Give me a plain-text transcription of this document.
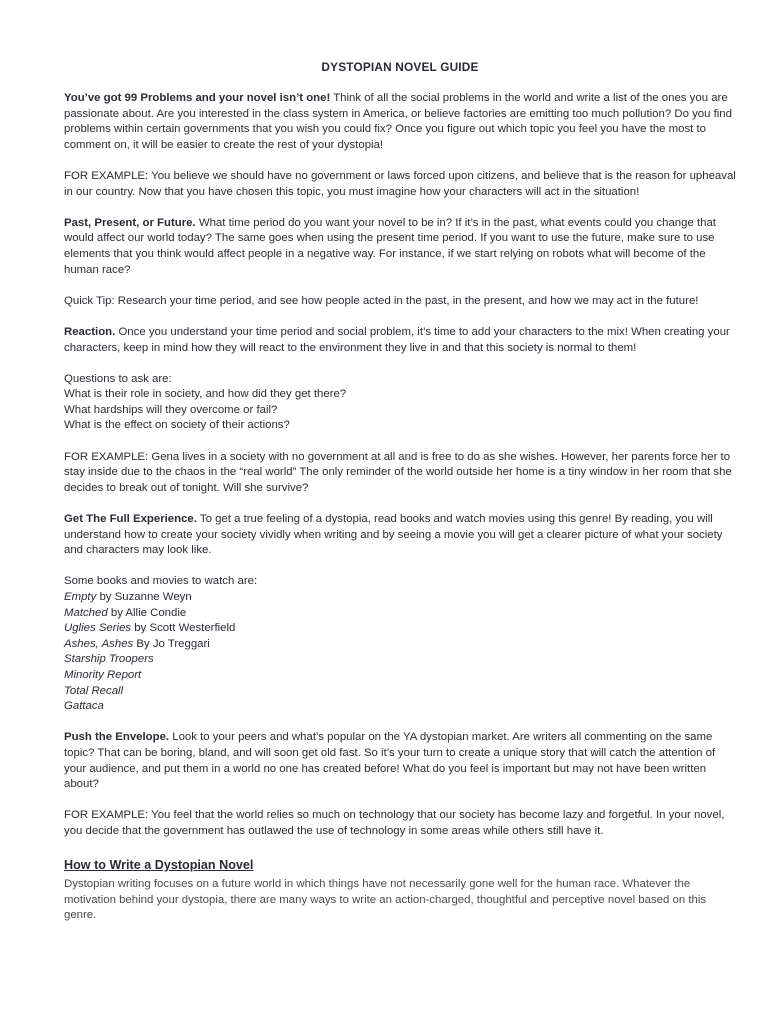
DYSTOPIAN NOVEL GUIDE

You’ve got 99 Problems and your novel isn’t one! Think of all the social problems in the world and write a list of the ones you are passionate about. Are you interested in the class system in America, or believe factories are emitting too much pollution? Do you find problems within certain governments that you wish you could fix? Once you figure out which topic you feel you have the most to comment on, it will be easier to create the rest of your dystopia!

FOR EXAMPLE: You believe we should have no government or laws forced upon citizens, and believe that is the reason for upheaval in our country. Now that you have chosen this topic, you must imagine how your characters will act in the situation!

Past, Present, or Future. What time period do you want your novel to be in? If it’s in the past, what events could you change that would affect our world today? The same goes when using the present time period. If you want to use the future, make sure to use elements that you think would affect people in a negative way. For instance, if we start relying on robots what will become of the human race?

Quick Tip: Research your time period, and see how people acted in the past, in the present, and how we may act in the future!

Reaction. Once you understand your time period and social problem, it’s time to add your characters to the mix! When creating your characters, keep in mind how they will react to the environment they live in and that this society is normal to them!

Questions to ask are:
What is their role in society, and how did they get there?
What hardships will they overcome or fail?
What is the effect on society of their actions?

FOR EXAMPLE: Gena lives in a society with no government at all and is free to do as she wishes. However, her parents force her to stay inside due to the chaos in the “real world” The only reminder of the world outside her home is a tiny window in her room that she decides to break out of tonight. Will she survive?

Get The Full Experience. To get a true feeling of a dystopia, read books and watch movies using this genre! By reading, you will understand how to create your society vividly when writing and by seeing a movie you will get a clearer picture of what your society and characters may look like.

Some books and movies to watch are:
Empty by Suzanne Weyn
Matched by Allie Condie
Uglies Series by Scott Westerfield
Ashes, Ashes By Jo Treggari
Starship Troopers
Minority Report
Total Recall
Gattaca

Push the Envelope. Look to your peers and what’s popular on the YA dystopian market. Are writers all commenting on the same topic? That can be boring, bland, and will soon get old fast. So it’s your turn to create a unique story that will catch the attention of your audience, and put them in a world no one has created before! What do you feel is important but may not have been written about?

FOR EXAMPLE: You feel that the world relies so much on technology that our society has become lazy and forgetful. In your novel, you decide that the government has outlawed the use of technology in some areas while others still have it.

How to Write a Dystopian Novel

Dystopian writing focuses on a future world in which things have not necessarily gone well for the human race. Whatever the motivation behind your dystopia, there are many ways to write an action-charged, thoughtful and perceptive novel based on this genre.
